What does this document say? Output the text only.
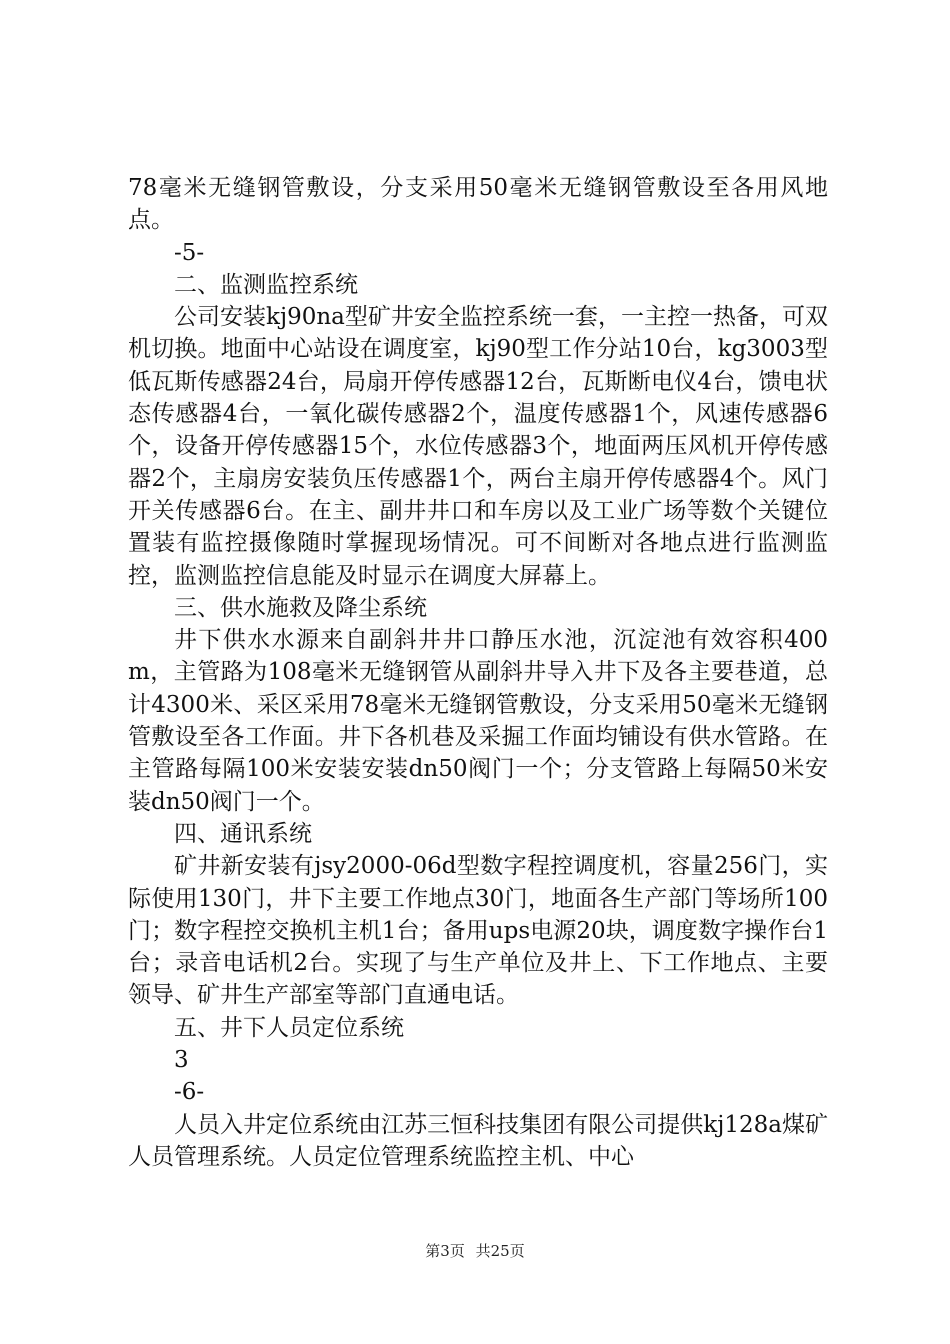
78毫米无缝钢管敷设，分支采用50毫米无缝钢管敷设至各用风地点。

-5-

二、监测监控系统

公司安装kj90na型矿井安全监控系统一套，一主控一热备，可双机切换。地面中心站设在调度室，kj90型工作分站10台，kg3003型低瓦斯传感器24台，局扇开停传感器12台，瓦斯断电仪4台，馈电状态传感器4台，一氧化碳传感器2个，温度传感器1个，风速传感器6个，设备开停传感器15个，水位传感器3个，地面两压风机开停传感器2个，主扇房安装负压传感器1个，两台主扇开停传感器4个。风门开关传感器6台。在主、副井井口和车房以及工业广场等数个关键位置装有监控摄像随时掌握现场情况。可不间断对各地点进行监测监控，监测监控信息能及时显示在调度大屏幕上。

三、供水施救及降尘系统

井下供水水源来自副斜井井口静压水池，沉淀池有效容积400m，主管路为108毫米无缝钢管从副斜井导入井下及各主要巷道，总计4300米、采区采用78毫米无缝钢管敷设，分支采用50毫米无缝钢管敷设至各工作面。井下各机巷及采掘工作面均铺设有供水管路。在主管路每隔100米安装安装dn50阀门一个；分支管路上每隔50米安装dn50阀门一个。

四、通讯系统

矿井新安装有jsy2000-06d型数字程控调度机，容量256门，实际使用130门，井下主要工作地点30门，地面各生产部门等场所100门；数字程控交换机主机1台；备用ups电源20块，调度数字操作台1台；录音电话机2台。实现了与生产单位及井上、下工作地点、主要领导、矿井生产部室等部门直通电话。

五、井下人员定位系统

3

-6-

人员入井定位系统由江苏三恒科技集团有限公司提供kj128a煤矿人员管理系统。人员定位管理系统监控主机、中心

第3页 共25页
